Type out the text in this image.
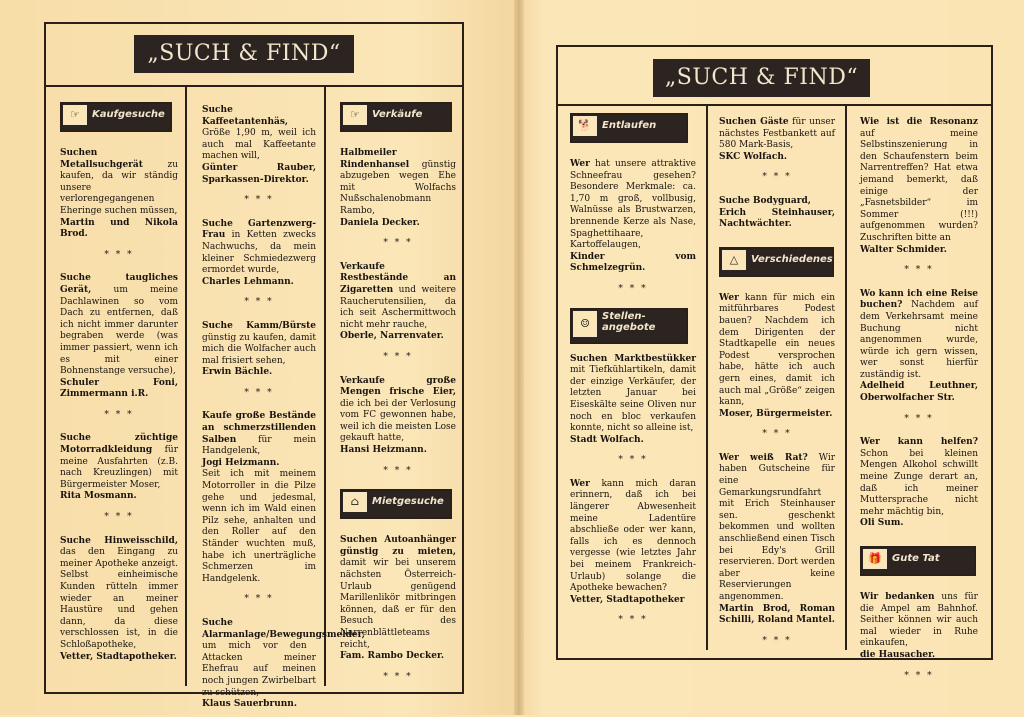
„SUCH & FIND“
☞	Kaufgesuche
Suchen Metallsuchgerät zu kaufen, da wir ständig unsere verlorengegangenen Eheringe suchen müssen,
Martin und Nikola Brod.
* * *
Suche taugliches Gerät, um meine Dachlawinen so vom Dach zu entfernen, daß ich nicht immer darunter begraben werde (was immer passiert, wenn ich es mit einer Bohnenstange versuche),
Schuler Foni, Zimmermann i.R.
* * *
Suche züchtige Motorradkleidung für meine Ausfahrten (z.B. nach Kreuzlingen) mit Bürgermeister Moser,
Rita Mosmann.
* * *
Suche Hinweisschild, das den Eingang zu meiner Apotheke anzeigt. Selbst einheimische Kunden rütteln immer wieder an meiner Haustüre und gehen dann, da diese verschlossen ist, in die Schloßapotheke,
Vetter, Stadtapotheker.
Suche Kaffeetantenhäs, Größe 1,90 m, weil ich auch mal Kaffeetante machen will,
Günter Rauber, Sparkassen-Direktor.
* * *
Suche Gartenzwerg-Frau in Ketten zwecks Nachwuchs, da mein kleiner Schmiedezwerg ermordet wurde,
Charles Lehmann.
* * *
Suche Kamm/Bürste günstig zu kaufen, damit mich die Wolfacher auch mal frisiert sehen,
Erwin Bächle.
* * *
Kaufe große Bestände an schmerzstillenden Salben für mein Handgelenk,
Jogi Heizmann.
Seit ich mit meinem Motorroller in die Pilze gehe und jedesmal, wenn ich im Wald einen Pilz sehe, anhalten und den Roller auf den Ständer wuchten muß, habe ich unerträgliche Schmerzen im Handgelenk.
* * *
Suche Alarmanlage/Bewegungsmelder, um mich vor den Attacken meiner Ehefrau auf meinen noch jungen Zwirbelbart zu schützen,
Klaus Sauerbrunn.
☞	Verkäufe
Halbmeiler Rindenhansel günstig abzugeben wegen Ehe mit Wolfachs Nußschalenobmann Rambo,
Daniela Decker.
* * *
Verkaufe Restbestände an Zigaretten und weitere Raucherutensilien, da ich seit Aschermittwoch nicht mehr rauche,
Oberle, Narrenvater.
* * *
Verkaufe große Mengen frische Eier, die ich bei der Verlosung vom FC gewonnen habe, weil ich die meisten Lose gekauft hatte,
Hansi Heizmann.
* * *
⌂	Mietgesuche
Suchen Autoanhänger günstig zu mieten, damit wir bei unserem nächsten Österreich-Urlaub genügend Marillenlikör mitbringen können, daß er für den Besuch des Narrenblättleteams reicht,
Fam. Rambo Decker.
* * *
„SUCH & FIND“
🐕	Entlaufen
Wer hat unsere attraktive Schneefrau gesehen? Besondere Merkmale: ca. 1,70 m groß, vollbusig, Walnüsse als Brustwarzen, brennende Kerze als Nase, Spaghettihaare, Kartoffelaugen,
Kinder vom Schmelzegrün.
* * *
☺
Stellen-angebote
Suchen Marktbestükker mit Tiefkühlartikeln, damit der einzige Verkäufer, der letzten Januar bei Eiseskälte seine Oliven nur noch en bloc verkaufen konnte, nicht so alleine ist,
Stadt Wolfach.
* * *
Wer kann mich daran erinnern, daß ich bei längerer Abwesenheit meine Ladentüre abschließe oder wer kann, falls ich es dennoch vergesse (wie letztes Jahr bei meinem Frankreich-Urlaub) solange die Apotheke bewachen?
Vetter, Stadtapotheker
* * *
Suchen Gäste für unser nächstes Festbankett auf 580 Mark-Basis,
SKC Wolfach.
* * *
Suche Bodyguard,
Erich Steinhauser, Nachtwächter.
△	Verschiedenes
Wer kann für mich ein mitführbares Podest bauen? Nachdem ich dem Dirigenten der Stadtkapelle ein neues Podest versprochen habe, hätte ich auch gern eines, damit ich auch mal „Größe“ zeigen kann,
Moser, Bürgermeister.
* * *
Wer weiß Rat? Wir haben Gutscheine für eine Gemarkungsrundfahrt mit Erich Steinhauser sen. geschenkt bekommen und wollten anschließend einen Tisch bei Edy's Grill reservieren. Dort werden aber keine Reservierungen angenommen.
Martin Brod, Roman Schilli, Roland Mantel.
* * *
Wie ist die Resonanz auf meine Selbstinszenierung in den Schaufenstern beim Narrentreffen? Hat etwa jemand bemerkt, daß einige der „Fasnetsbilder“ im Sommer (!!!) aufgenommen wurden? Zuschriften bitte an
Walter Schmider.
* * *
Wo kann ich eine Reise buchen? Nachdem auf dem Verkehrsamt meine Buchung nicht angenommen wurde, würde ich gern wissen, wer sonst hierfür zuständig ist.
Adelheid Leuthner, Oberwolfacher Str.
* * *
Wer kann helfen? Schon bei kleinen Mengen Alkohol schwillt meine Zunge derart an, daß ich meiner Muttersprache nicht mehr mächtig bin,
Oli Sum.
🎁	Gute Tat
Wir bedanken uns für die Ampel am Bahnhof. Seither können wir auch mal wieder in Ruhe einkaufen,
die Hausacher.
* * *
